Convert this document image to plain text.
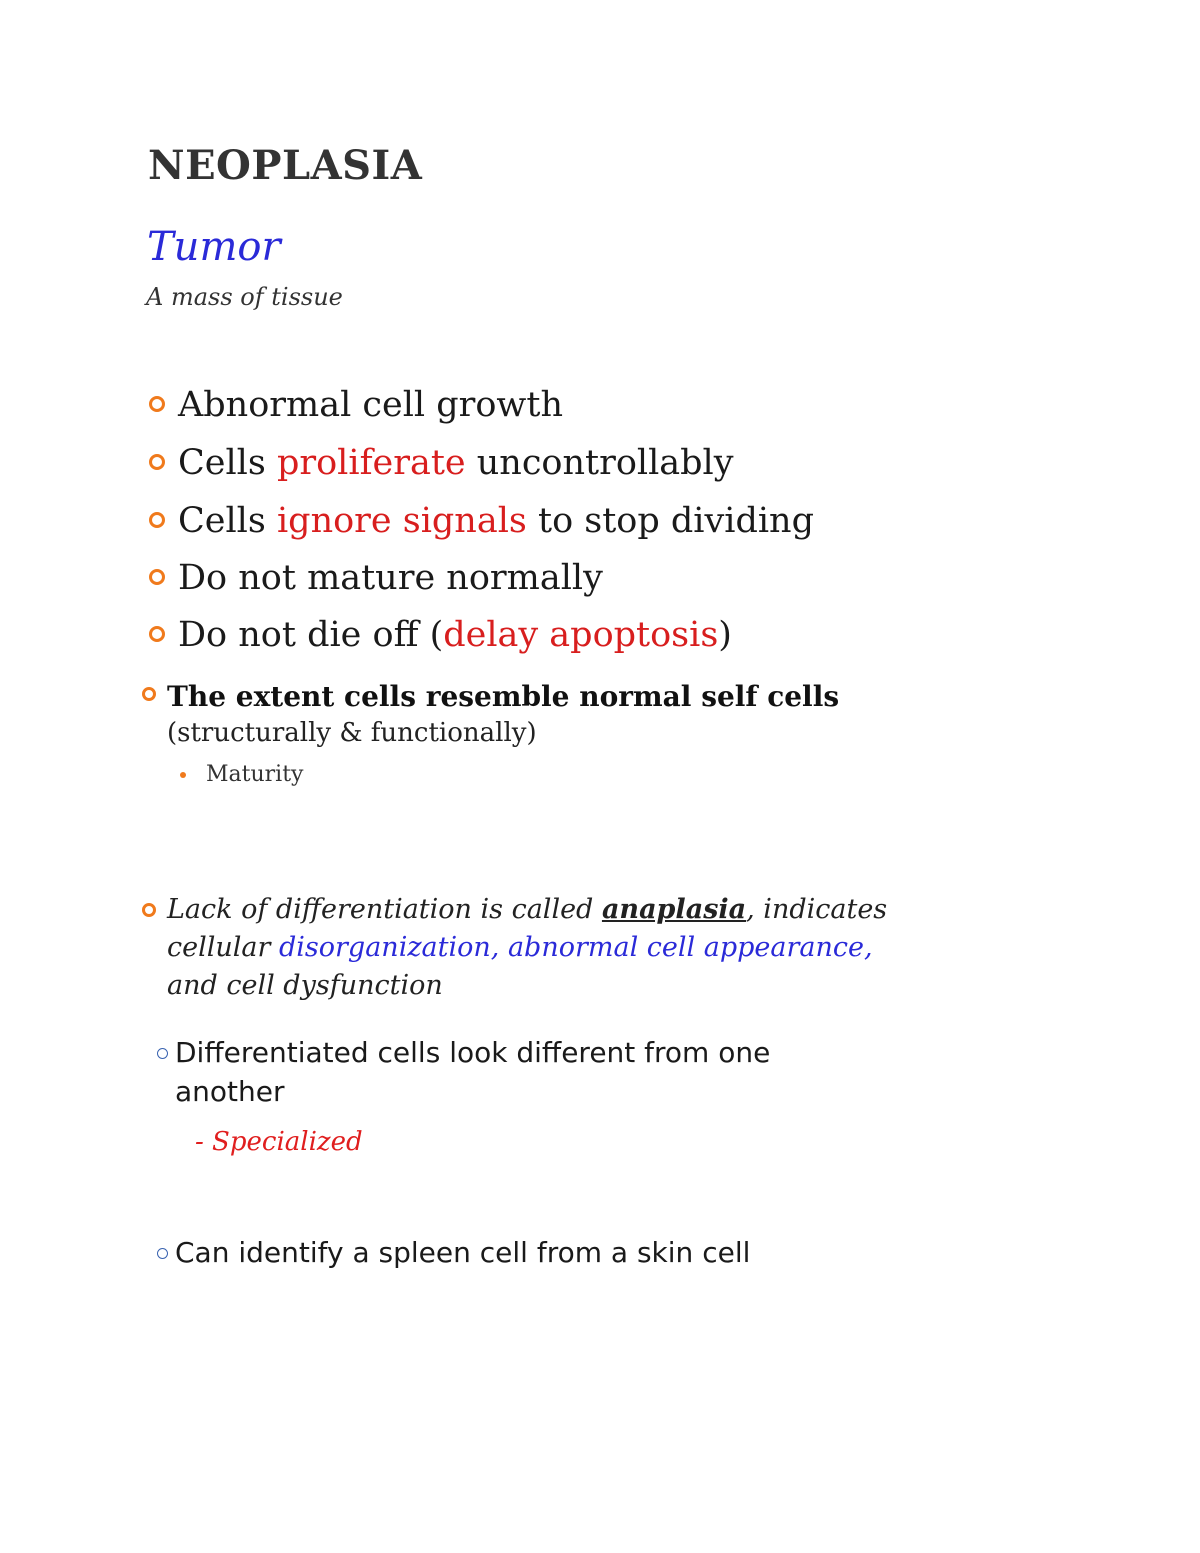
NEOPLASIA
Tumor
A mass of tissue
Abnormal cell growth
Cells proliferate uncontrollably
Cells ignore signals to stop dividing
Do not mature normally
Do not die off (delay apoptosis)
The extent cells resemble normal self cells
(structurally & functionally)
Maturity
Lack of differentiation is called anaplasia, indicates
cellular disorganization, abnormal cell appearance,
and cell dysfunction
Differentiated cells look different from one
another
- Specialized
Can identify a spleen cell from a skin cell
